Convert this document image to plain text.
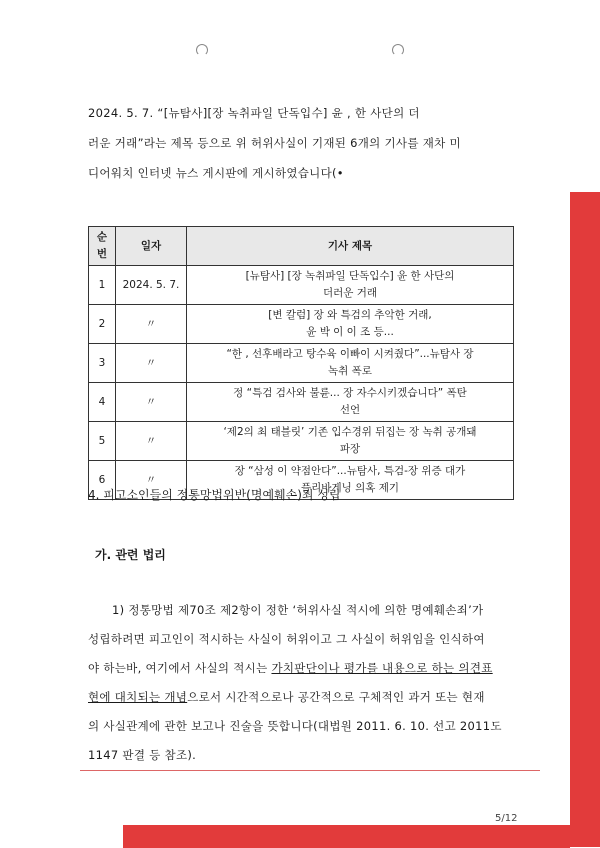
2024. 5. 7. “[뉴탐사][장 녹취파일 단독입수] 윤 , 한 사단의 더
러운 거래”라는 제목 등으로 위 허위사실이 기재된 6개의 기사를 재차 미
디어워치 인터넷 뉴스 게시판에 게시하였습니다(•
순번	일자	기사 제목
1	2024. 5. 7.	[뉴탐사] [장 녹취파일 단독입수] 윤 한 사단의
더러운 거래

2	〃	[변 칼럼] 장 와 특검의 추악한 거래,
윤 박 이 이 조 등...

3	〃	“한 , 선후배라고 탕수육 이빠이 시켜줬다”...뉴탐사 장
녹취 폭로

4	〃	정 “특검 검사와 불륜... 장 자수시키겠습니다” 폭탄
선언

5	〃	‘제2의 최 태블릿’ 기존 입수경위 뒤집는 장 녹취 공개돼
파장

6	〃	장 “삼성 이 약점안다”...뉴탐사, 특검-장 위증 대가
플리바게닝 의혹 제기
4. 피고소인들의 정통망법위반(명예훼손)죄 성립
가. 관련 법리
1) 정통망법 제70조 제2항이 정한 ‘허위사실 적시에 의한 명예훼손죄’가
성립하려면 피고인이 적시하는 사실이 허위이고 그 사실이 허위임을 인식하여
야 하는바, 여기에서 사실의 적시는 가치판단이나 평가를 내용으로 하는 의견표
현에 대치되는 개념으로서 시간적으로나 공간적으로 구체적인 과거 또는 현재
의 사실관계에 관한 보고나 진술을 뜻합니다(대법원 2011. 6. 10. 선고 2011도
1147 판결 등 참조).
5/12
